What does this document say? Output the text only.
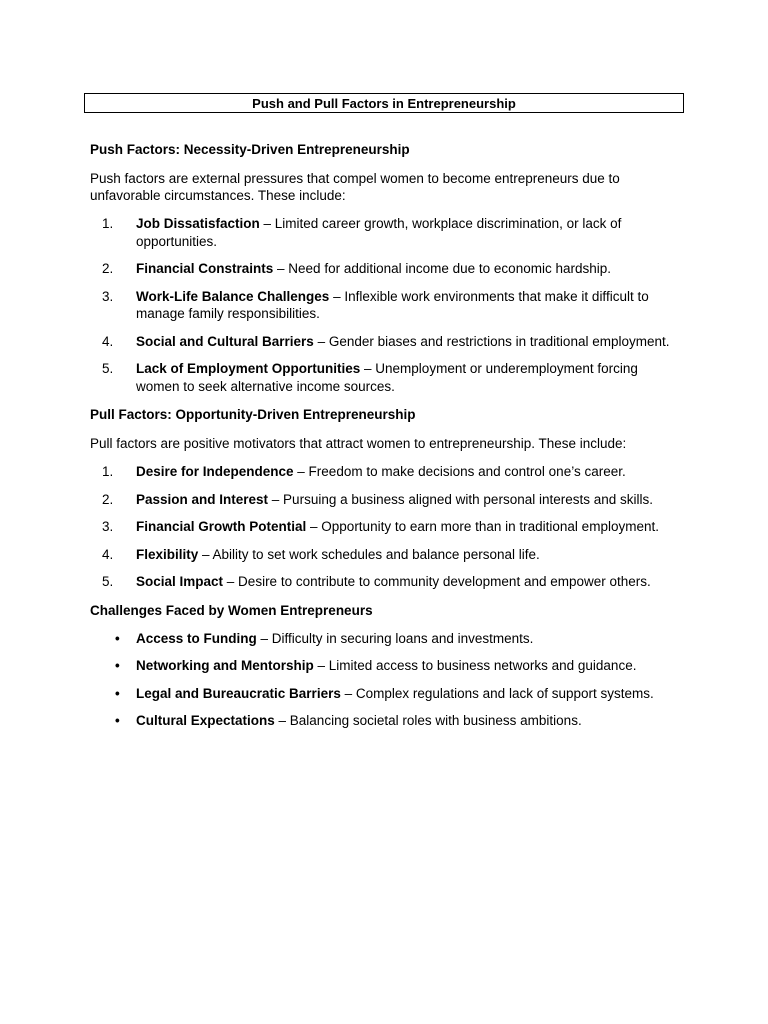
Push and Pull Factors in Entrepreneurship

Push Factors: Necessity-Driven Entrepreneurship

Push factors are external pressures that compel women to become entrepreneurs due to unfavorable circumstances. These include:

1.	Job Dissatisfaction – Limited career growth, workplace discrimination, or lack of opportunities.
2.	Financial Constraints – Need for additional income due to economic hardship.
3.	Work-Life Balance Challenges – Inflexible work environments that make it difficult to manage family responsibilities.
4.	Social and Cultural Barriers – Gender biases and restrictions in traditional employment.
5.	Lack of Employment Opportunities – Unemployment or underemployment forcing women to seek alternative income sources.

Pull Factors: Opportunity-Driven Entrepreneurship

Pull factors are positive motivators that attract women to entrepreneurship. These include:

1.	Desire for Independence – Freedom to make decisions and control one’s career.
2.	Passion and Interest – Pursuing a business aligned with personal interests and skills.
3.	Financial Growth Potential – Opportunity to earn more than in traditional employment.
4.	Flexibility – Ability to set work schedules and balance personal life.
5.	Social Impact – Desire to contribute to community development and empower others.

Challenges Faced by Women Entrepreneurs

•	Access to Funding – Difficulty in securing loans and investments.
•	Networking and Mentorship – Limited access to business networks and guidance.
•	Legal and Bureaucratic Barriers – Complex regulations and lack of support systems.
•	Cultural Expectations – Balancing societal roles with business ambitions.
